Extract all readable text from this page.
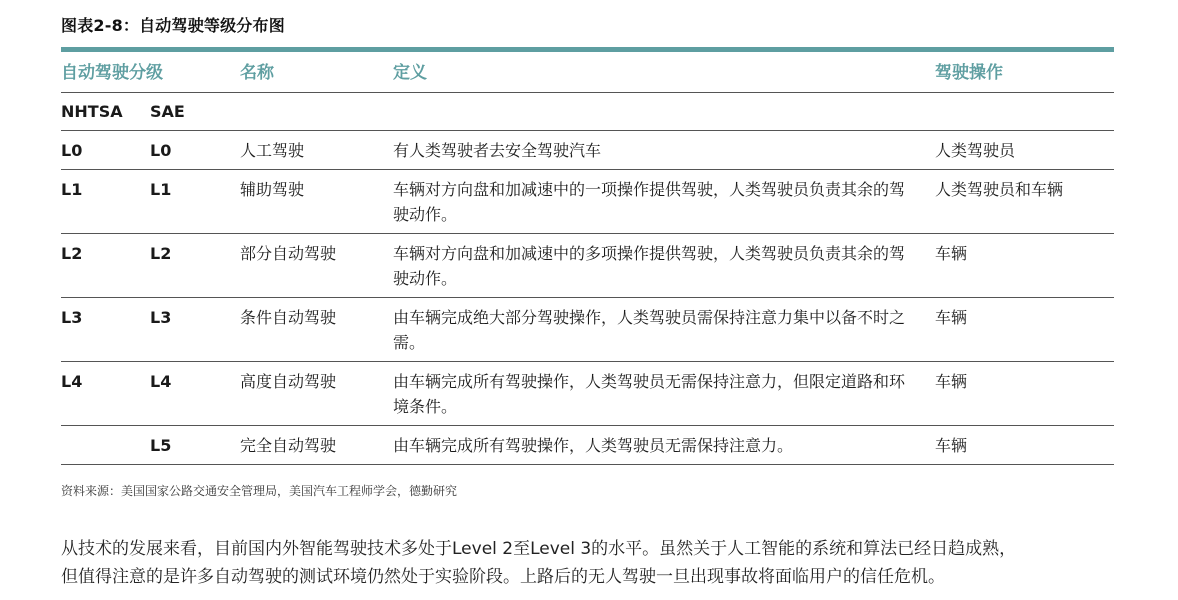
图表2-8：自动驾驶等级分布图
自动驾驶分级		名称	定义	驾驶操作
NHTSA	SAE			
L0	L0	人工驾驶	有人类驾驶者去安全驾驶汽车	人类驾驶员
L1	L1	辅助驾驶	车辆对方向盘和加减速中的一项操作提供驾驶，人类驾驶员负责其余的驾驶动作。	人类驾驶员和车辆
L2	L2	部分自动驾驶	车辆对方向盘和加减速中的多项操作提供驾驶，人类驾驶员负责其余的驾驶动作。	车辆
L3	L3	条件自动驾驶	由车辆完成绝大部分驾驶操作，人类驾驶员需保持注意力集中以备不时之需。	车辆
L4	L4	高度自动驾驶	由车辆完成所有驾驶操作，人类驾驶员无需保持注意力，但限定道路和环境条件。	车辆
	L5	完全自动驾驶	由车辆完成所有驾驶操作，人类驾驶员无需保持注意力。	车辆
资料来源：美国国家公路交通安全管理局，美国汽车工程师学会，德勤研究

从技术的发展来看，目前国内外智能驾驶技术多处于Level 2至Level 3的水平。虽然关于人工智能的系统和算法已经日趋成熟，

但值得注意的是许多自动驾驶的测试环境仍然处于实验阶段。上路后的无人驾驶一旦出现事故将面临用户的信任危机。
